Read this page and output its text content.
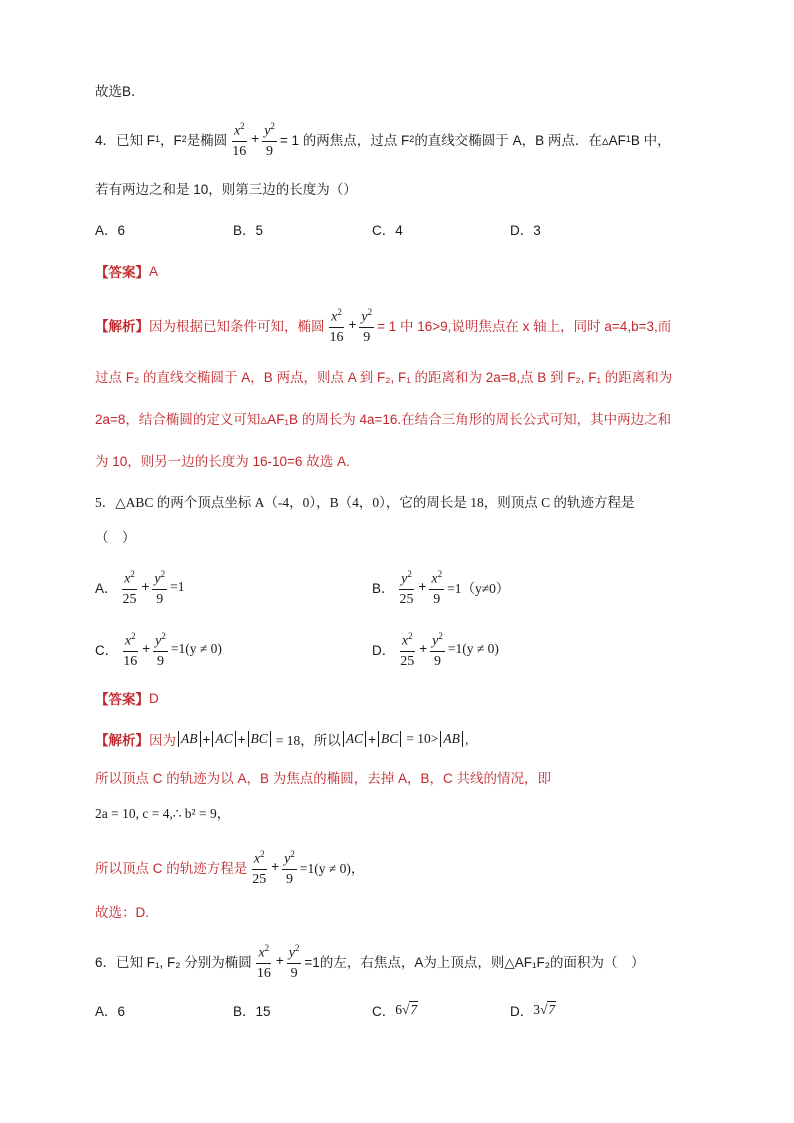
故选B．
4．已知 F 1 ，F 2 是椭圆 $\frac{x^2}{16} + \frac{y^2}{9} = 1$ 的两焦点，过点 F 2 的直线交椭圆于 A，B 两点．在▵AF 1 B 中，
若有两边之和是 10，则第三边的长度为（）
A．6	B．5	C．4	D．3
【答案】 A
【解析】 因为根据已知条件可知，椭圆 $\frac{x^2}{16} + \frac{y^2}{9} = 1$ 中 16>9,说明焦点在 x 轴上，同时 a=4,b=3,而
过点 F₂ 的直线交椭圆于 A，B 两点，则点 A 到 F₂, F₁ 的距离和为 2a=8,点 B 到 F₂, F₁ 的距离和为
2a=8，结合椭圆的定义可知▵AF₁B 的周长为 4a=16.在结合三角形的周长公式可知，其中两边之和
为 10，则另一边的长度为 16-10=6 故选 A.
5．△ABC 的两个顶点坐标 A（-4，0），B（4，0），它的周长是 18，则顶点 C 的轨迹方程是
（　）
A． $\frac{x^2}{25} + \frac{y^2}{9} =1$	B． $\frac{y^2}{25} + \frac{x^2}{9} =1(y\ne 0)$
C． $\frac{x^2}{16} + \frac{y^2}{9} =1(y \ne 0)$	D． $\frac{x^2}{25} + \frac{y^2}{9} =1(y \ne 0)$
【答案】 D
【解析】 因为 AB + AC + BC = 18，所以 AC + BC = 10> AB ,
所以顶点 C 的轨迹为以 A，B 为焦点的椭圆，去掉 A，B，C 共线的情况，即
2a = 10, c = 4,∴ b² = 9，
所以顶点 C 的轨迹方程是 $\frac{x^2}{25} + \frac{y^2}{9} =1(y \ne 0)$，
故选：D.
6．已知 F₁, F₂ 分别为椭圆 $\frac{x^2}{16} + \frac{y^2}{9} =1$的左，右焦点，A为上顶点，则△AF₁F₂的面积为（　）
A．6	B．15	C． 6 √7	D． 3 √7
